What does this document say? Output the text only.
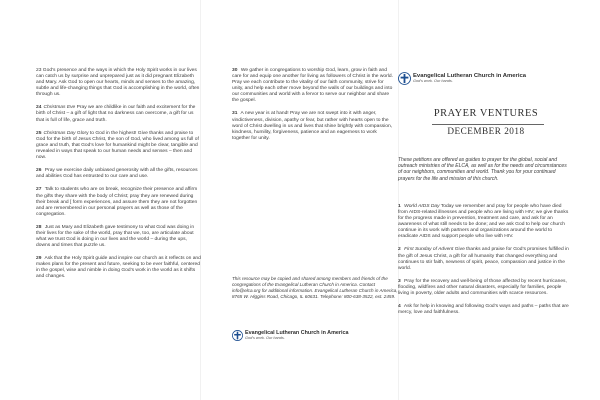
23 God’s presence and the ways in which the Holy Spirit works in our lives can catch us by surprise and unprepared just as it did pregnant Elizabeth and Mary. Ask God to open our hearts, minds and senses to the amazing, subtle and life-changing things that God is accomplishing in the world, often through us.

24 Christmas Eve Pray we are childlike in our faith and excitement for the birth of Christ – a gift of light that no darkness can overcome, a gift for us that is full of life, grace and truth.

25 Christmas Day Glory to God in the highest! Give thanks and praise to God for the birth of Jesus Christ, the son of God, who lived among us full of grace and truth, that God’s love for humankind might be clear, tangible and revealed in ways that speak to our human needs and senses – then and now.

26 Pray we exercise daily unbiased generosity with all the gifts, resources and abilities God has entrusted to our care and use.

27 Talk to students who are on break, recognize their presence and affirm the gifts they share with the body of Christ; pray they are renewed during their break and [ form experiences, and assure them they are not forgotten and are remembered in our personal prayers as well as those of the congregation.

28 Just as Mary and Elizabeth gave testimony to what God was doing in their lives for the sake of the world, pray that we, too, are articulate about what we trust God is doing in our lives and the world – during the ups, downs and times that puzzle us.

29 Ask that the Holy Spirit guide and inspire our church as it reflects on and makes plans for the present and future, seeking to be ever faithful, centered in the gospel, wise and nimble in doing God’s work in the world as it shifts and changes.

30 We gather in congregations to worship God, learn, grow in faith and care for and equip one another for living as followers of Christ in the world. Pray we each contribute to the vitality of our faith community, strive for unity, and help each other move beyond the walls of our buildings and into our communities and world with a fervor to serve our neighbor and share the gospel.

31 A new year is at hand! Pray we are not swept into it with anger, vindictiveness, division, apathy or fear, but rather with hearts open to the word of Christ dwelling in us and lives that shine brightly with compassion, kindness, humility, forgiveness, patience and an eagerness to work together for unity.

This resource may be copied and shared among members and friends of the congregations of the Evangelical Lutheran Church in America. Contact info@elca.org for additional information. Evangelical Lutheran Church in America, 8765 W. Higgins Road, Chicago, IL 60631. Telephone: 800-638-3522, ext. 2459.
Evangelical Lutheran Church in America
God’s work. Our hands.
Evangelical Lutheran Church in America
God’s work. Our hands.
PRAYER VENTURES
DECEMBER 2018
These petitions are offered as guides to prayer for the global, social and outreach ministries of the ELCA, as well as for the needs and circumstances of our neighbors, communities and world. Thank you for your continued prayers for the life and mission of this church.

1 World AIDS Day Today we remember and pray for people who have died from AIDS-related illnesses and people who are living with HIV; we give thanks for the progress made in prevention, treatment and care, and ask for an awareness of what still needs to be done; and we ask God to help our church continue in its work with partners and organizations around the world to eradicate AIDS and support people who live with HIV.

2 First Sunday of Advent Give thanks and praise for God’s promises fulfilled in the gift of Jesus Christ, a gift for all humanity that changed everything and continues to stir faith, newness of spirit, peace, compassion and justice in the world.

3 Pray for the recovery and well-being of those affected by recent hurricanes, flooding, wildfires and other natural disasters, especially for families, people living in poverty, older adults and communities with scarce resources.

4 Ask for help in knowing and following God’s ways and paths – paths that are mercy, love and faithfulness.
